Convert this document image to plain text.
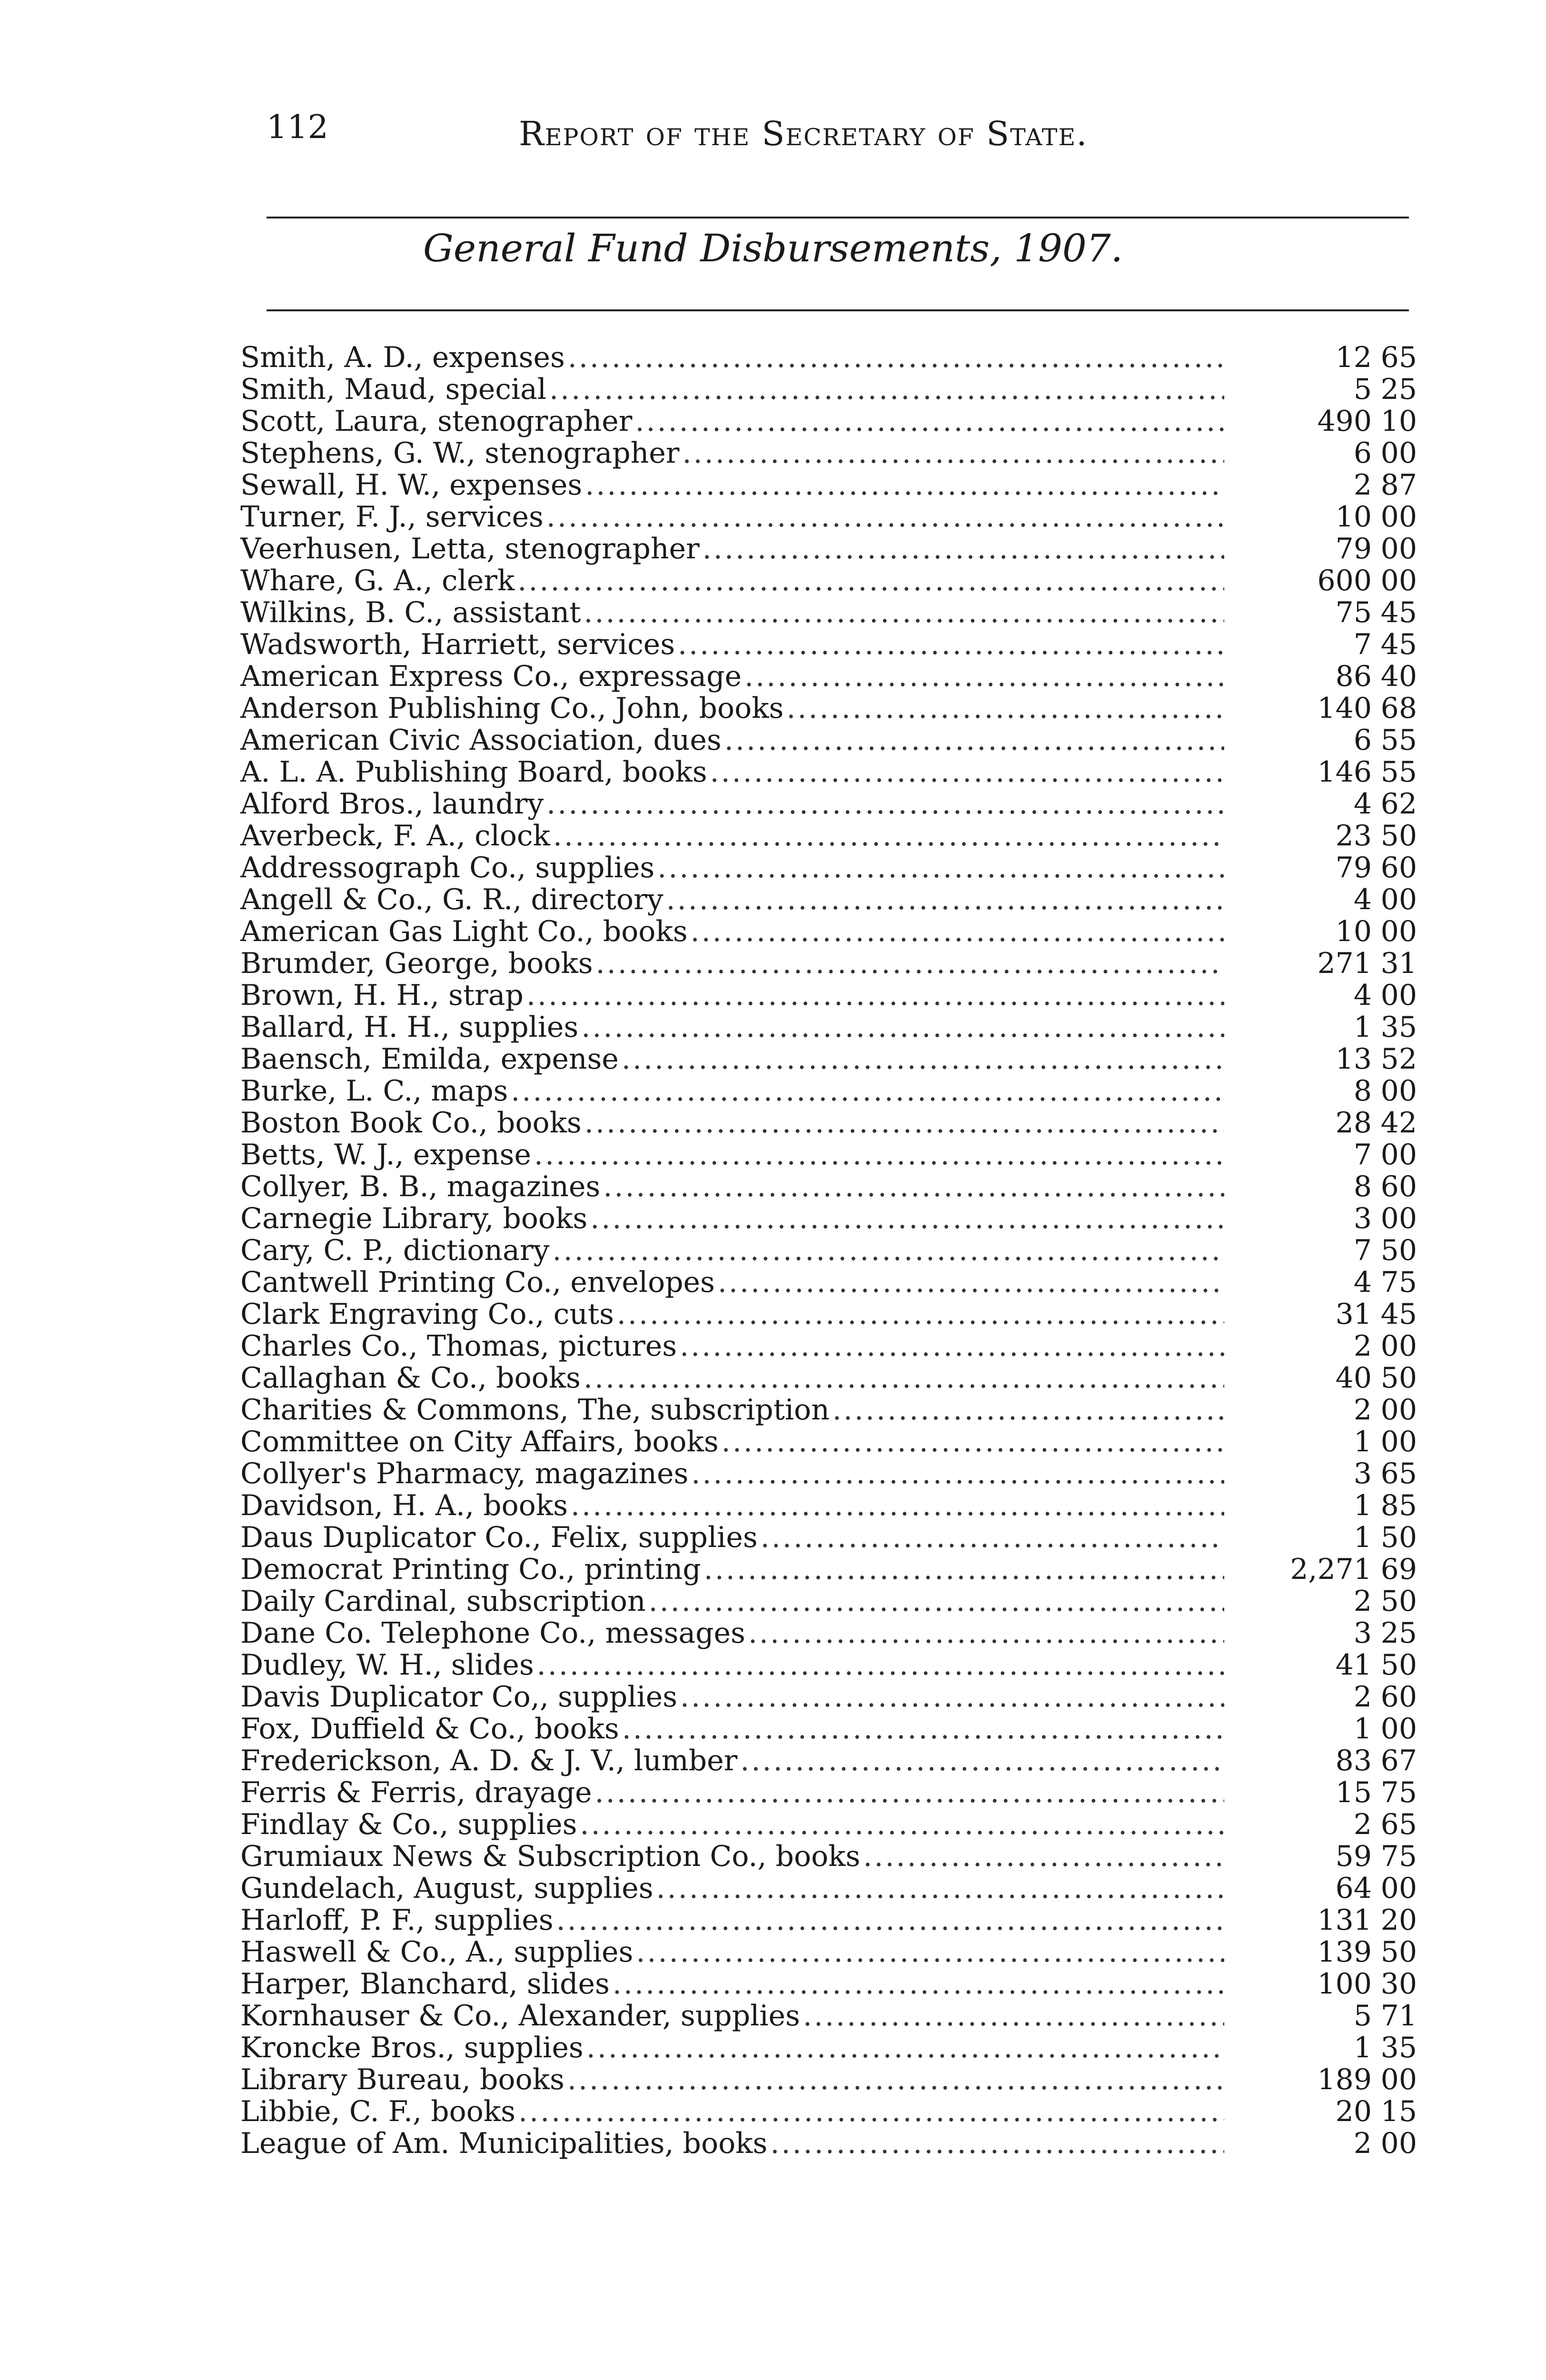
112	Report of the Secretary of State.
General Fund Disbursements, 1907.
Smith, A. D., expenses .....	12 65
Smith, Maud, special .....	5 25
Scott, Laura, stenographer .....	490 10
Stephens, G. W., stenographer .....	6 00
Sewall, H. W., expenses .....	2 87
Turner, F. J., services .....	10 00
Veerhusen, Letta, stenographer .....	79 00
Whare, G. A., clerk .....	600 00
Wilkins, B. C., assistant .....	75 45
Wadsworth, Harriett, services .....	7 45
American Express Co., expressage .....	86 40
Anderson Publishing Co., John, books .....	140 68
American Civic Association, dues .....	6 55
A. L. A. Publishing Board, books .....	146 55
Alford Bros., laundry .....	4 62
Averbeck, F. A., clock .....	23 50
Addressograph Co., supplies .....	79 60
Angell & Co., G. R., directory .....	4 00
American Gas Light Co., books .....	10 00
Brumder, George, books .....	271 31
Brown, H. H., strap .....	4 00
Ballard, H. H., supplies .....	1 35
Baensch, Emilda, expense .....	13 52
Burke, L. C., maps .....	8 00
Boston Book Co., books .....	28 42
Betts, W. J., expense .....	7 00
Collyer, B. B., magazines .....	8 60
Carnegie Library, books .....	3 00
Cary, C. P., dictionary .....	7 50
Cantwell Printing Co., envelopes .....	4 75
Clark Engraving Co., cuts .....	31 45
Charles Co., Thomas, pictures .....	2 00
Callaghan & Co., books .....	40 50
Charities & Commons, The, subscription .....	2 00
Committee on City Affairs, books .....	1 00
Collyer's Pharmacy, magazines .....	3 65
Davidson, H. A., books .....	1 85
Daus Duplicator Co., Felix, supplies .....	1 50
Democrat Printing Co., printing .....	2,271 69
Daily Cardinal, subscription .....	2 50
Dane Co. Telephone Co., messages .....	3 25
Dudley, W. H., slides .....	41 50
Davis Duplicator Co,, supplies .....	2 60
Fox, Duffield & Co., books .....	1 00
Frederickson, A. D. & J. V., lumber .....	83 67
Ferris & Ferris, drayage .....	15 75
Findlay & Co., supplies .....	2 65
Grumiaux News & Subscription Co., books .....	59 75
Gundelach, August, supplies .....	64 00
Harloff, P. F., supplies .....	131 20
Haswell & Co., A., supplies .....	139 50
Harper, Blanchard, slides .....	100 30
Kornhauser & Co., Alexander, supplies .....	5 71
Kroncke Bros., supplies .....	1 35
Library Bureau, books .....	189 00
Libbie, C. F., books .....	20 15
League of Am. Municipalities, books .....	2 00
